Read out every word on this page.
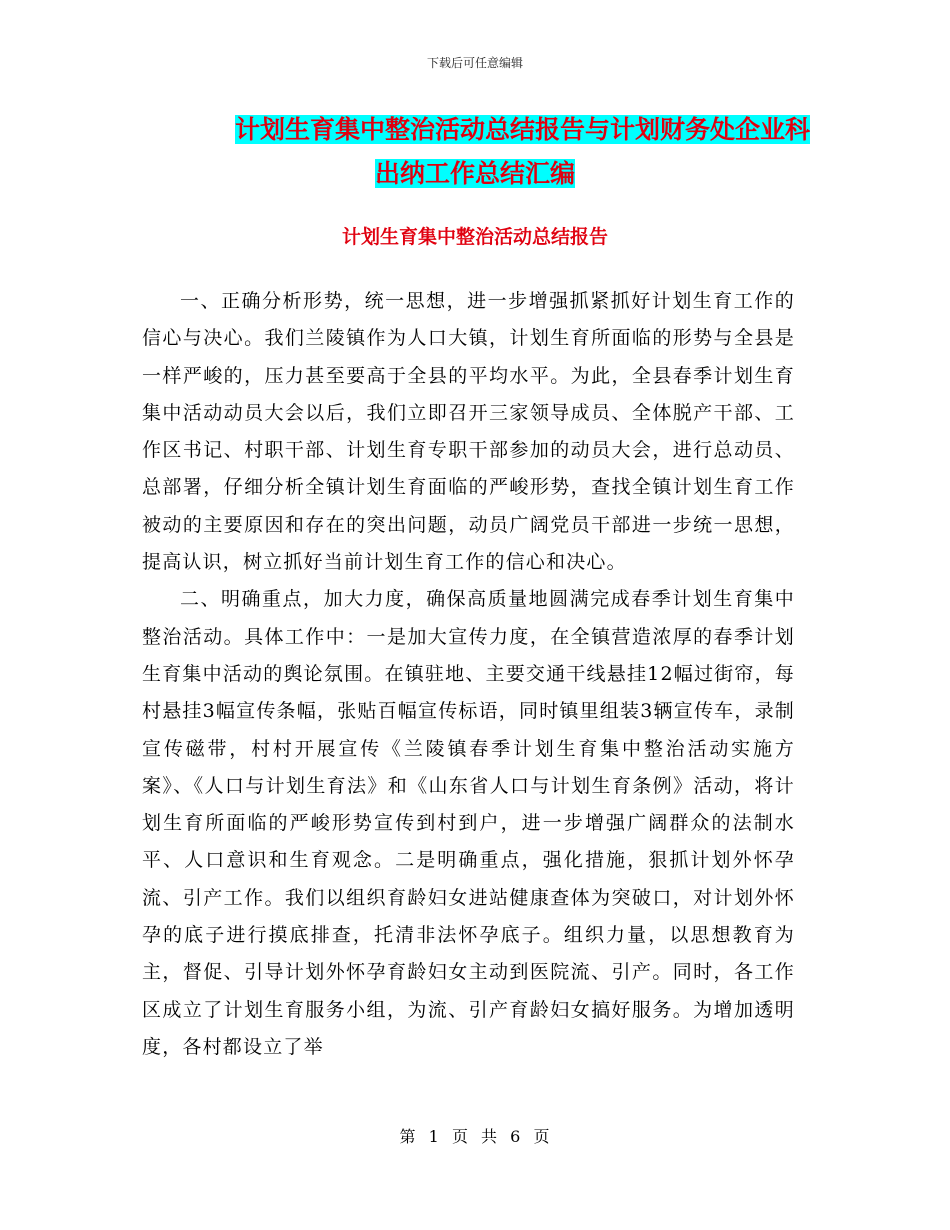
下载后可任意编辑
计划生育集中整治活动总结报告与计划财务处企业科
出纳工作总结汇编
计划生育集中整治活动总结报告

一、正确分析形势，统一思想，进一步增强抓紧抓好计划生育工作的信心与决心。我们兰陵镇作为人口大镇，计划生育所面临的形势与全县是一样严峻的，压力甚至要高于全县的平均水平。为此，全县春季计划生育集中活动动员大会以后，我们立即召开三家领导成员、全体脱产干部、工作区书记、村职干部、计划生育专职干部参加的动员大会，进行总动员、总部署，仔细分析全镇计划生育面临的严峻形势，查找全镇计划生育工作被动的主要原因和存在的突出问题，动员广阔党员干部进一步统一思想，提高认识，树立抓好当前计划生育工作的信心和决心。

二、明确重点，加大力度，确保高质量地圆满完成春季计划生育集中整治活动。具体工作中：一是加大宣传力度，在全镇营造浓厚的春季计划生育集中活动的舆论氛围。在镇驻地、主要交通干线悬挂12幅过街帘，每村悬挂3幅宣传条幅，张贴百幅宣传标语，同时镇里组装3辆宣传车，录制宣传磁带，村村开展宣传《兰陵镇春季计划生育集中整治活动实施方案》、《人口与计划生育法》和《山东省人口与计划生育条例》活动，将计划生育所面临的严峻形势宣传到村到户，进一步增强广阔群众的法制水平、人口意识和生育观念。二是明确重点，强化措施，狠抓计划外怀孕流、引产工作。我们以组织育龄妇女进站健康查体为突破口，对计划外怀孕的底子进行摸底排查，托清非法怀孕底子。组织力量，以思想教育为主，督促、引导计划外怀孕育龄妇女主动到医院流、引产。同时，各工作区成立了计划生育服务小组，为流、引产育龄妇女搞好服务。为增加透明度，各村都设立了举

第 1 页 共 6 页
